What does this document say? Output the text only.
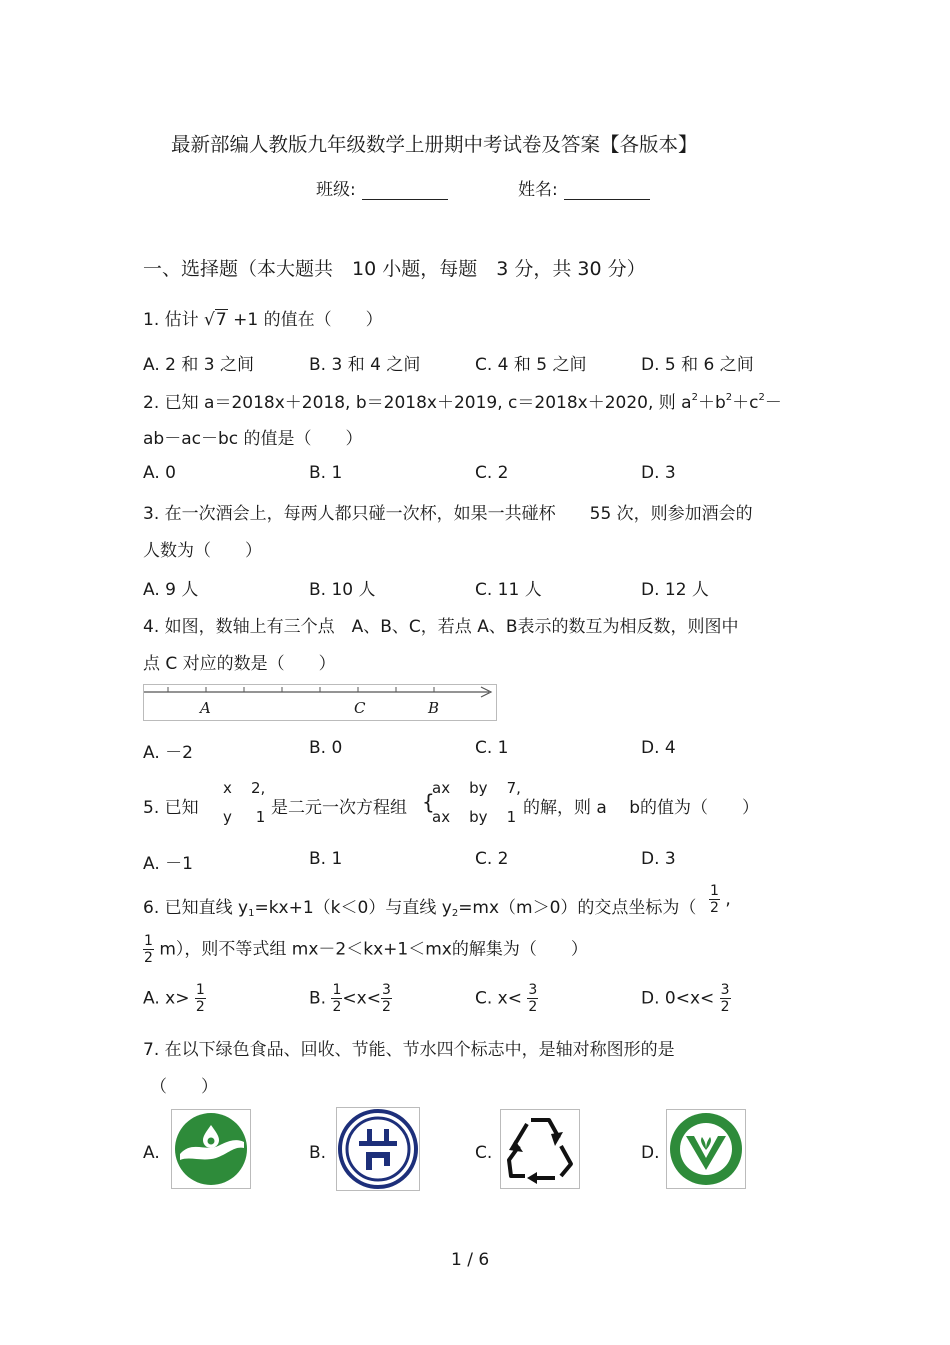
最新部编人教版九年级数学上册期中考试卷及答案【各版本】
班级:	姓名:
一、选择题（本大题共　10 小题，每题　3 分，共 30 分）
1. 估计 √7 +1 的值在（　　）
A. 2 和 3 之间	B. 3 和 4 之间	C. 4 和 5 之间	D. 5 和 6 之间
2. 已知 a＝2018x＋2018, b＝2018x＋2019, c＝2018x＋2020, 则 $a^2+b^2+c^2-$
ab－ac－bc 的值是（　　）
A. 0	B. 1	C. 2	D. 3
3. 在一次酒会上，每两人都只碰一次杯，如果一共碰杯　　55 次，则参加酒会的
人数为（　　）
A. 9 人	B. 10 人	C. 11 人	D. 12 人
4. 如图，数轴上有三个点　A、B、C，若点 A、B表示的数互为相反数，则图中
点 C 对应的数是（　　）
A	C	B
A. －2	B. 0	C. 1	D. 4
5. 已知
x 2,
y 1 是二元一次方程组 {
ax by 7,
ax by 1 的解，则 a　 b的值为（　　）
A. －1	B. 1	C. 2	D. 3
6. 已知直线 $y_1=kx+1(k<0)$与直线 $y_2=mx(m>0)$的交点坐标为（ $\frac{1}{2}$ ,
$\frac{1}{2} m$），则不等式组 mx－2＜kx+1＜mx的解集为（　　）
A. $x> \frac{1}{2}$	B. $\frac{1}{2} <x< \frac{3}{2}$	C. $x< \frac{3}{2}$	D. $0<x< \frac{3}{2}$
7. 在以下绿色食品、回收、节能、节水四个标志中，是轴对称图形的是
（　　）
A.	B.	C.	D.
1 / 6
